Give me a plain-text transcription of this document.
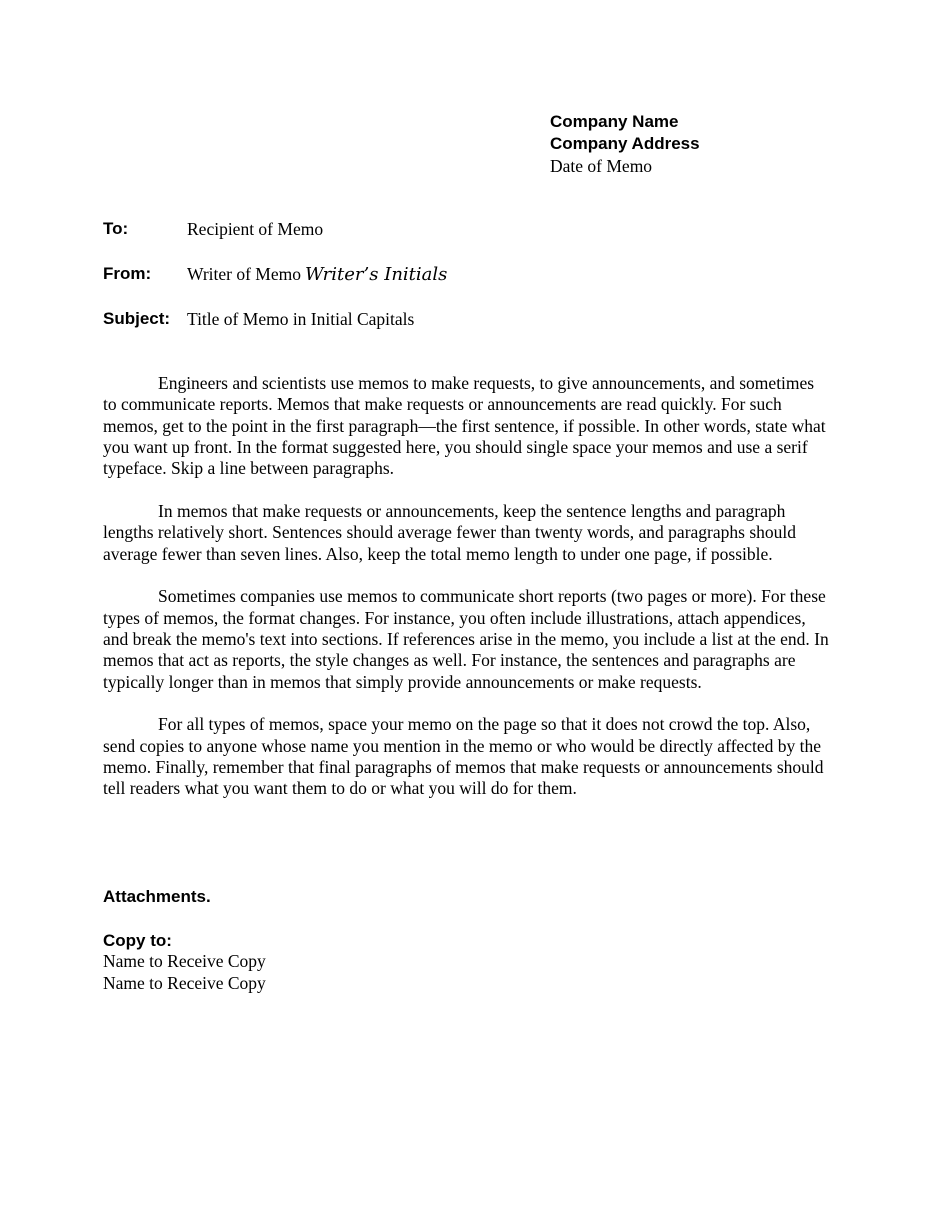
Company Name
Company Address
Date of Memo
To:	Recipient of Memo
From: Writer of Memo Writer’s Initials
Subject: Title of Memo in Initial Capitals

Engineers and scientists use memos to make requests, to give announcements, and sometimes to communicate reports. Memos that make requests or announcements are read quickly. For such memos, get to the point in the first paragraph—the first sentence, if possible. In other words, state what you want up front. In the format suggested here, you should single space your memos and use a serif typeface. Skip a line between paragraphs.

In memos that make requests or announcements, keep the sentence lengths and paragraph lengths relatively short. Sentences should average fewer than twenty words, and paragraphs should average fewer than seven lines. Also, keep the total memo length to under one page, if possible.

Sometimes companies use memos to communicate short reports (two pages or more). For these types of memos, the format changes. For instance, you often include illustrations, attach appendices, and break the memo's text into sections. If references arise in the memo, you include a list at the end. In memos that act as reports, the style changes as well. For instance, the sentences and paragraphs are typically longer than in memos that simply provide announcements or make requests.

For all types of memos, space your memo on the page so that it does not crowd the top. Also, send copies to anyone whose name you mention in the memo or who would be directly affected by the memo. Finally, remember that final paragraphs of memos that make requests or announcements should tell readers what you want them to do or what you will do for them.

Attachments.
Copy to:
Name to Receive Copy
Name to Receive Copy
